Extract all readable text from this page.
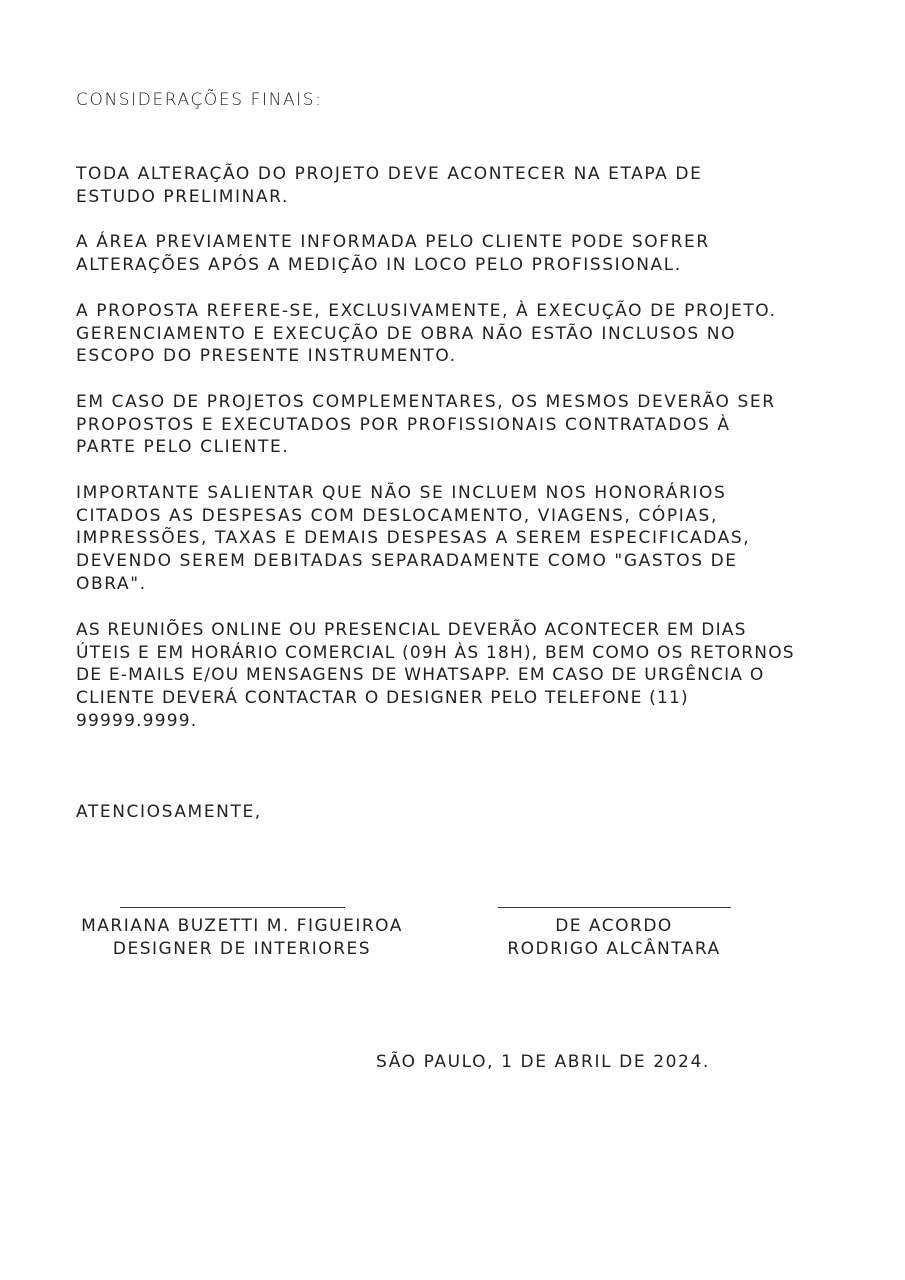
CONSIDERAÇÕES FINAIS:
TODA ALTERAÇÃO DO PROJETO DEVE ACONTECER NA ETAPA DE
ESTUDO PRELIMINAR.
A ÁREA PREVIAMENTE INFORMADA PELO CLIENTE PODE SOFRER
ALTERAÇÕES APÓS A MEDIÇÃO IN LOCO PELO PROFISSIONAL.
A PROPOSTA REFERE-SE, EXCLUSIVAMENTE, À EXECUÇÃO DE PROJETO.
GERENCIAMENTO E EXECUÇÃO DE OBRA NÃO ESTÃO INCLUSOS NO
ESCOPO DO PRESENTE INSTRUMENTO.
EM CASO DE PROJETOS COMPLEMENTARES, OS MESMOS DEVERÃO SER
PROPOSTOS E EXECUTADOS POR PROFISSIONAIS CONTRATADOS À
PARTE PELO CLIENTE.
IMPORTANTE SALIENTAR QUE NÃO SE INCLUEM NOS HONORÁRIOS
CITADOS AS DESPESAS COM DESLOCAMENTO, VIAGENS, CÓPIAS,
IMPRESSÕES, TAXAS E DEMAIS DESPESAS A SEREM ESPECIFICADAS,
DEVENDO SEREM DEBITADAS SEPARADAMENTE COMO "GASTOS DE
OBRA".
AS REUNIÕES ONLINE OU PRESENCIAL DEVERÃO ACONTECER EM DIAS
ÚTEIS E EM HORÁRIO COMERCIAL (09H ÀS 18H), BEM COMO OS RETORNOS
DE E-MAILS E/OU MENSAGENS DE WHATSAPP. EM CASO DE URGÊNCIA O
CLIENTE DEVERÁ CONTACTAR O DESIGNER PELO TELEFONE (11)
99999.9999.
ATENCIOSAMENTE,
MARIANA BUZETTI M. FIGUEIROA
DESIGNER DE INTERIORES
DE ACORDO
RODRIGO ALCÂNTARA
SÃO PAULO, 1 DE ABRIL DE 2024.
